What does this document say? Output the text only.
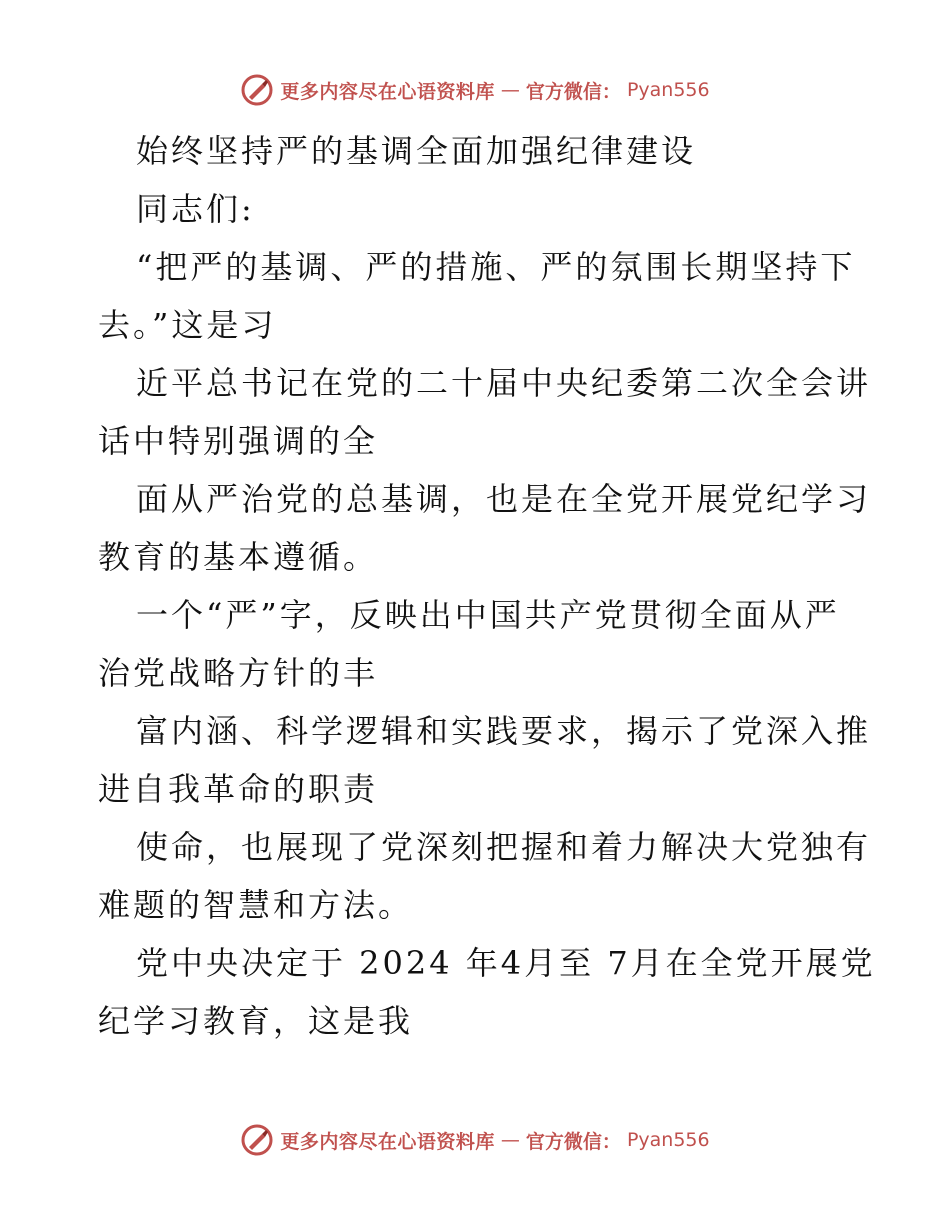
更多内容尽在心语资料库 — 官方微信： Pyan556
始终坚持严的基调全面加强纪律建设
同志们:
“把严的基调、严的措施、严的氛围长期坚持下
去。”这是习
近平总书记在党的二十届中央纪委第二次全会讲
话中特别强调的全
面从严治党的总基调，也是在全党开展党纪学习
教育的基本遵循。
一个“严”字，反映出中国共产党贯彻全面从严
治党战略方针的丰
富内涵、科学逻辑和实践要求，揭示了党深入推
进自我革命的职责
使命，也展现了党深刻把握和着力解决大党独有
难题的智慧和方法。
党中央决定于 2024 年4月至 7月在全党开展党
纪学习教育，这是我
更多内容尽在心语资料库 — 官方微信： Pyan556
